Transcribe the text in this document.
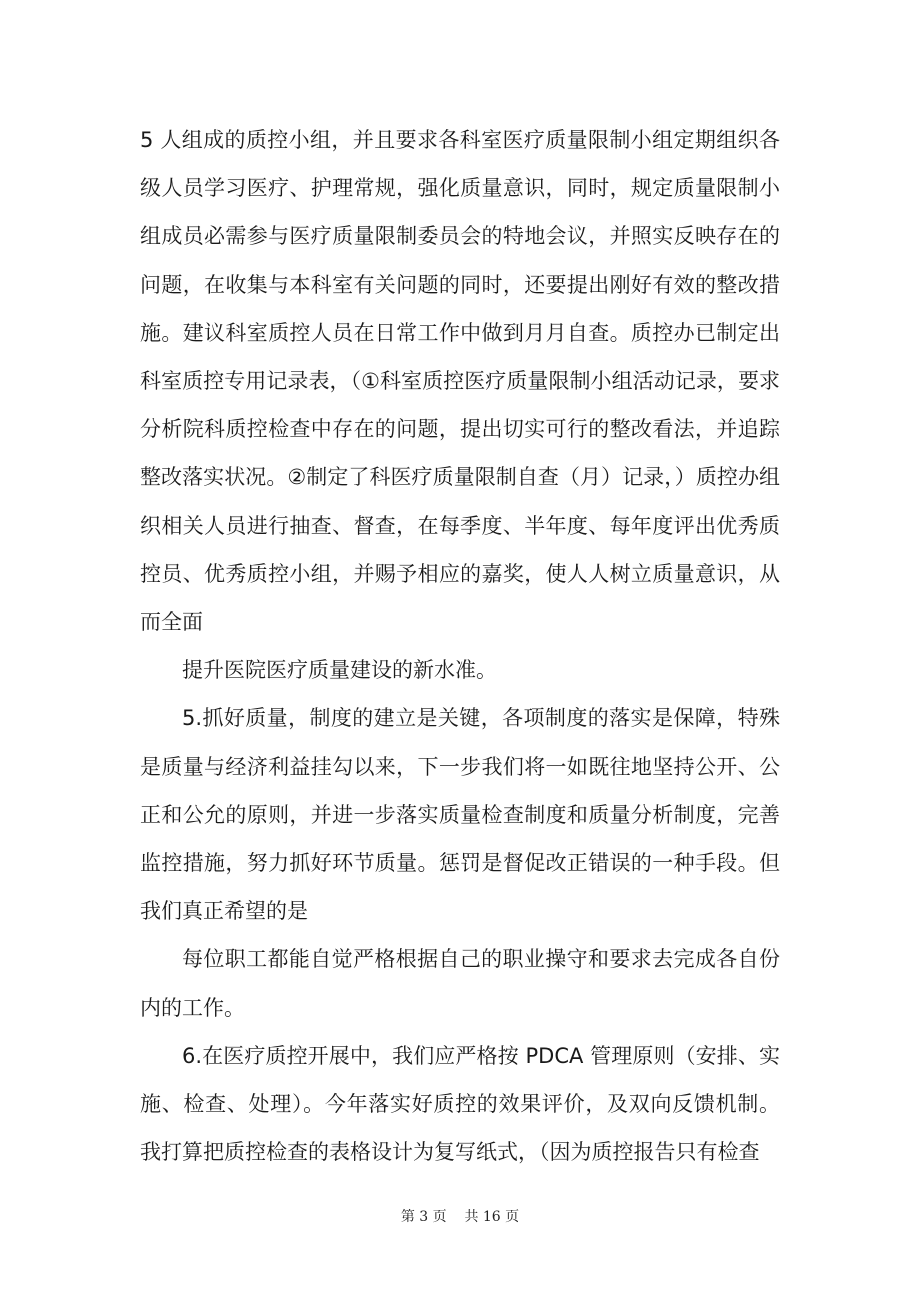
5 人组成的质控小组，并且要求各科室医疗质量限制小组定期组织各级人员学习医疗、护理常规，强化质量意识，同时，规定质量限制小组成员必需参与医疗质量限制委员会的特地会议，并照实反映存在的问题，在收集与本科室有关问题的同时，还要提出刚好有效的整改措施。建议科室质控人员在日常工作中做到月月自查。质控办已制定出科室质控专用记录表，（①科室质控医疗质量限制小组活动记录，要求分析院科质控检查中存在的问题，提出切实可行的整改看法，并追踪整改落实状况。②制定了科医疗质量限制自查（月）记录，）质控办组织相关人员进行抽查、督查，在每季度、半年度、每年度评出优秀质控员、优秀质控小组，并赐予相应的嘉奖，使人人树立质量意识，从而全面

提升医院医疗质量建设的新水准。

5.抓好质量，制度的建立是关键，各项制度的落实是保障，特殊是质量与经济利益挂勾以来，下一步我们将一如既往地坚持公开、公正和公允的原则，并进一步落实质量检查制度和质量分析制度，完善监控措施，努力抓好环节质量。惩罚是督促改正错误的一种手段。但我们真正希望的是

每位职工都能自觉严格根据自己的职业操守和要求去完成各自份内的工作。

6.在医疗质控开展中，我们应严格按 PDCA 管理原则（安排、实施、检查、处理）。今年落实好质控的效果评价，及双向反馈机制。我打算把质控检查的表格设计为复写纸式，（因为质控报告只有检查

第 3 页 共 16 页
